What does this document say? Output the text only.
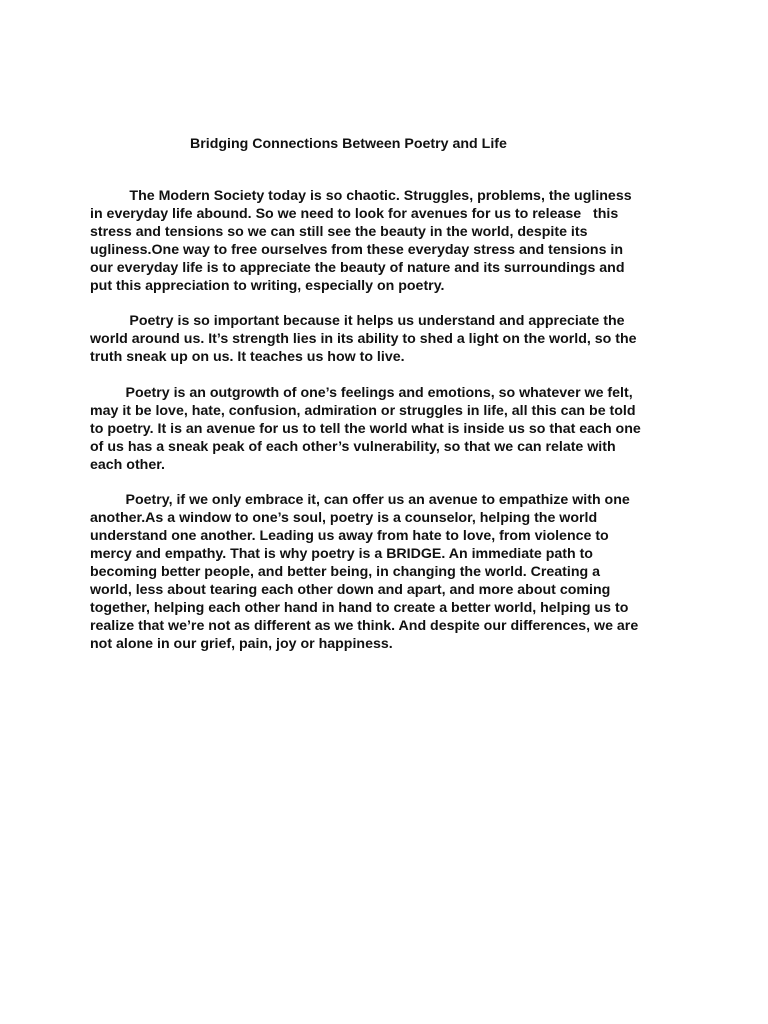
Bridging Connections Between Poetry and Life
The Modern Society today is so chaotic. Struggles, problems, the ugliness
in everyday life abound. So we need to look for avenues for us to release   this
stress and tensions so we can still see the beauty in the world, despite its
ugliness.One way to free ourselves from these everyday stress and tensions in
our everyday life is to appreciate the beauty of nature and its surroundings and
put this appreciation to writing, especially on poetry.
Poetry is so important because it helps us understand and appreciate the
world around us. It’s strength lies in its ability to shed a light on the world, so the
truth sneak up on us. It teaches us how to live.
Poetry is an outgrowth of one’s feelings and emotions, so whatever we felt,
may it be love, hate, confusion, admiration or struggles in life, all this can be told
to poetry. It is an avenue for us to tell the world what is inside us so that each one
of us has a sneak peak of each other’s vulnerability, so that we can relate with
each other.
Poetry, if we only embrace it, can offer us an avenue to empathize with one
another.As a window to one’s soul, poetry is a counselor, helping the world
understand one another. Leading us away from hate to love, from violence to
mercy and empathy. That is why poetry is a BRIDGE. An immediate path to
becoming better people, and better being, in changing the world. Creating a
world, less about tearing each other down and apart, and more about coming
together, helping each other hand in hand to create a better world, helping us to
realize that we’re not as different as we think. And despite our differences, we are
not alone in our grief, pain, joy or happiness.
